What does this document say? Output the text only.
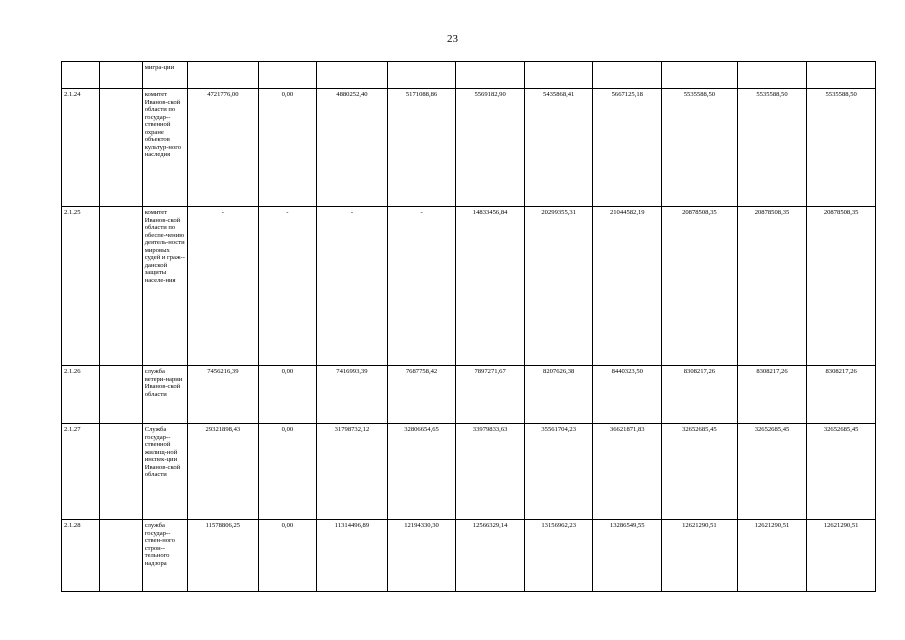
23
		мигра-ции										
2.1.24		комитет Иванов-ской области по государ-ственной охране объектов культур-ного наследия	4721776,00	0,00	4880252,40	5171088,86	5569182,90	5435868,41	5667125,18	5535588,50	5535588,50	5535588,50
2.1.25		комитет Иванов-ской области по обеспе-чению деятель-ности мировых судей и граж-данской защиты населе-ния	-	-	-	-	14833456,84	20299355,31	21044582,19	20878508,35	20878508,35	20878508,35
2.1.26		служба ветери-нарии Иванов-ской области	7456216,39	0,00	7416993,39	7687758,42	7897271,67	8207626,38	8440323,50	8308217,26	8308217,26	8308217,26
2.1.27		Служба государ-ственной жилищ-ной инспек-ции Иванов-ской области	29321898,43	0,00	31798732,12	32806654,65	33979833,63	35561704,23	36621871,83	32652685,45	32652685,45	32652685,45
2.1.28		служба государ-ствен-ного строи-тельного надзора	11578806,25	0,00	11314496,89	12194330,30	12566329,14	13156962,23	13286549,55	12621290,51	12621290,51	12621290,51
